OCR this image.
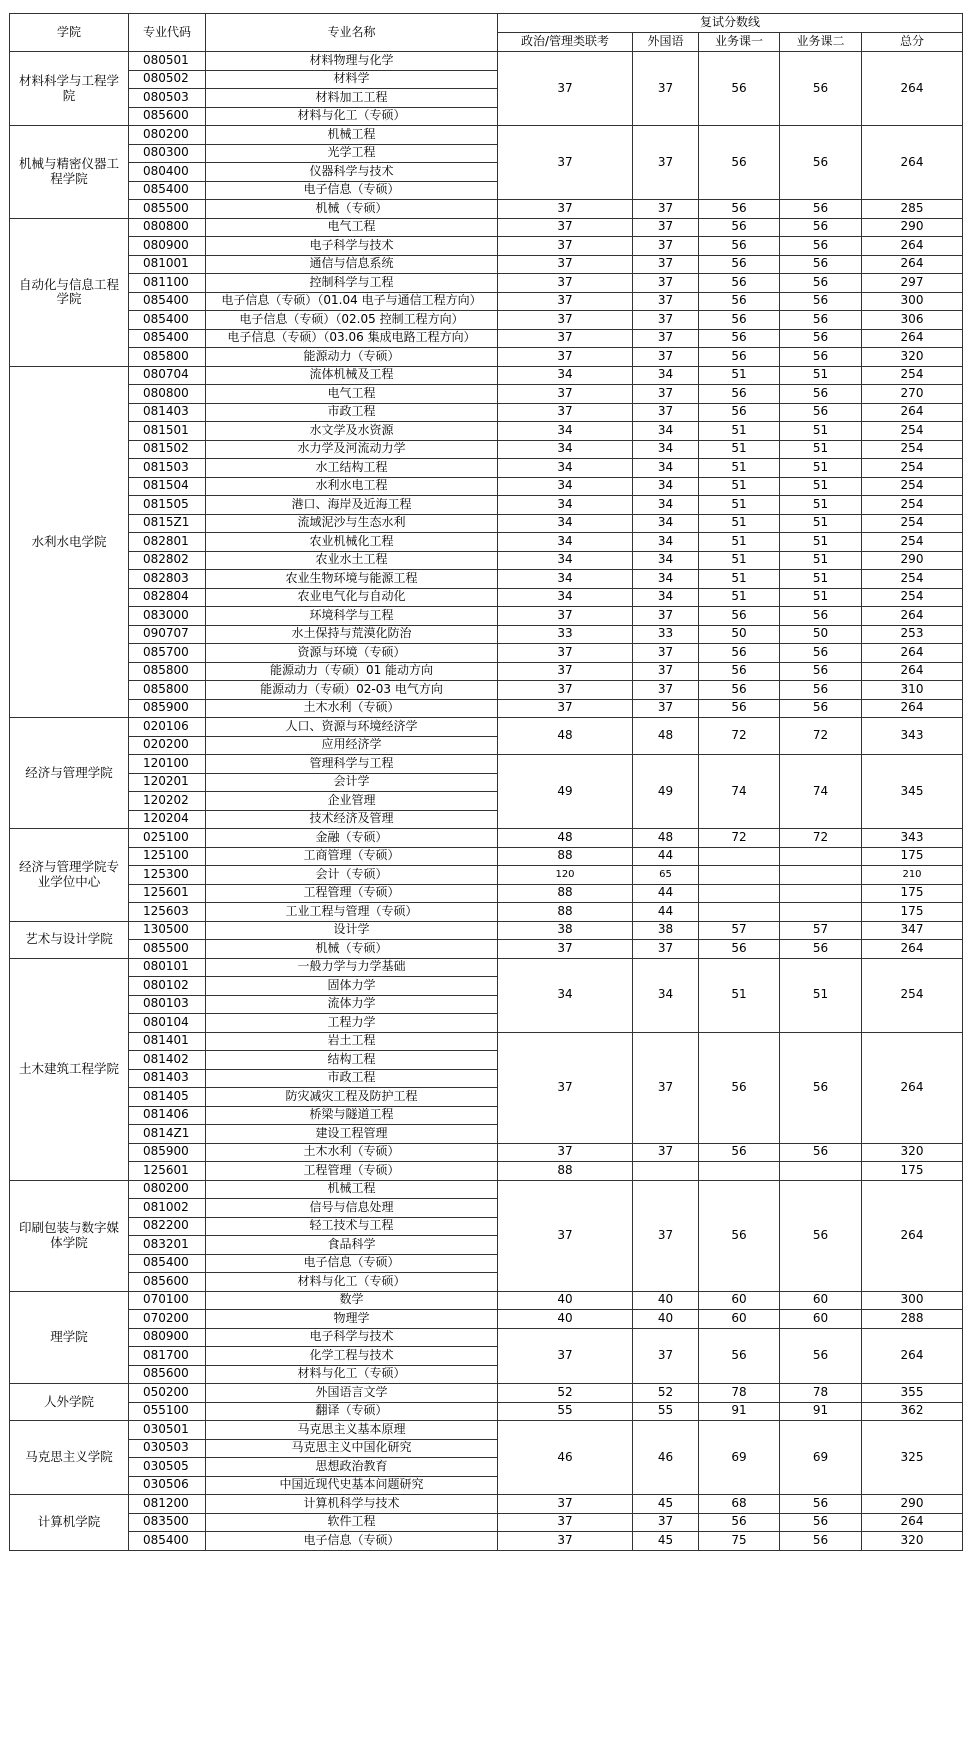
学院	专业代码	专业名称	复试分数线				
			政治/管理类联考	外国语	业务课一	业务课二	总分
材料科学与工程学院	080501	材料物理与化学	37	37	56	56	264
	080502	材料学					
	080503	材料加工工程					
	085600	材料与化工（专硕）					
机械与精密仪器工程学院	080200	机械工程	37	37	56	56	264
	080300	光学工程					
	080400	仪器科学与技术					
	085400	电子信息（专硕）					
	085500	机械（专硕）	37	37	56	56	285
自动化与信息工程学院	080800	电气工程	37	37	56	56	290
	080900	电子科学与技术	37	37	56	56	264
	081001	通信与信息系统	37	37	56	56	264
	081100	控制科学与工程	37	37	56	56	297
	085400	电子信息（专硕）（01.04 电子与通信工程方向）	37	37	56	56	300
	085400	电子信息（专硕）（02.05 控制工程方向）	37	37	56	56	306
	085400	电子信息（专硕）（03.06 集成电路工程方向）	37	37	56	56	264
	085800	能源动力（专硕）	37	37	56	56	320
水利水电学院	080704	流体机械及工程	34	34	51	51	254
	080800	电气工程	37	37	56	56	270
	081403	市政工程	37	37	56	56	264
	081501	水文学及水资源	34	34	51	51	254
	081502	水力学及河流动力学	34	34	51	51	254
	081503	水工结构工程	34	34	51	51	254
	081504	水利水电工程	34	34	51	51	254
	081505	港口、海岸及近海工程	34	34	51	51	254
	0815Z1	流域泥沙与生态水利	34	34	51	51	254
	082801	农业机械化工程	34	34	51	51	254
	082802	农业水土工程	34	34	51	51	290
	082803	农业生物环境与能源工程	34	34	51	51	254
	082804	农业电气化与自动化	34	34	51	51	254
	083000	环境科学与工程	37	37	56	56	264
	090707	水土保持与荒漠化防治	33	33	50	50	253
	085700	资源与环境（专硕）	37	37	56	56	264
	085800	能源动力（专硕）01 能动方向	37	37	56	56	264
	085800	能源动力（专硕）02-03 电气方向	37	37	56	56	310
	085900	土木水利（专硕）	37	37	56	56	264
经济与管理学院	020106	人口、资源与环境经济学	48	48	72	72	343
	020200	应用经济学					
	120100	管理科学与工程	49	49	74	74	345
	120201	会计学					
	120202	企业管理					
	120204	技术经济及管理					
经济与管理学院专业学位中心	025100	金融（专硕）	48	48	72	72	343
	125100	工商管理（专硕）	88	44			175
	125300	会计（专硕）	120	65			210
	125601	工程管理（专硕）	88	44			175
	125603	工业工程与管理（专硕）	88	44			175
艺术与设计学院	130500	设计学	38	38	57	57	347
	085500	机械（专硕）	37	37	56	56	264
土木建筑工程学院	080101	一般力学与力学基础	34	34	51	51	254
	080102	固体力学					
	080103	流体力学					
	080104	工程力学					
	081401	岩土工程	37	37	56	56	264
	081402	结构工程					
	081403	市政工程					
	081405	防灾减灾工程及防护工程					
	081406	桥梁与隧道工程					
	0814Z1	建设工程管理					
	085900	土木水利（专硕）	37	37	56	56	320
	125601	工程管理（专硕）	88				175
印刷包装与数字媒体学院	080200	机械工程	37	37	56	56	264
	081002	信号与信息处理					
	082200	轻工技术与工程					
	083201	食品科学					
	085400	电子信息（专硕）					
	085600	材料与化工（专硕）					
理学院	070100	数学	40	40	60	60	300
	070200	物理学	40	40	60	60	288
	080900	电子科学与技术	37	37	56	56	264
	081700	化学工程与技术					
	085600	材料与化工（专硕）					
人外学院	050200	外国语言文学	52	52	78	78	355
	055100	翻译（专硕）	55	55	91	91	362
马克思主义学院	030501	马克思主义基本原理	46	46	69	69	325
	030503	马克思主义中国化研究					
	030505	思想政治教育					
	030506	中国近现代史基本问题研究					
计算机学院	081200	计算机科学与技术	37	45	68	56	290
	083500	软件工程	37	37	56	56	264
	085400	电子信息（专硕）	37	45	75	56	320
